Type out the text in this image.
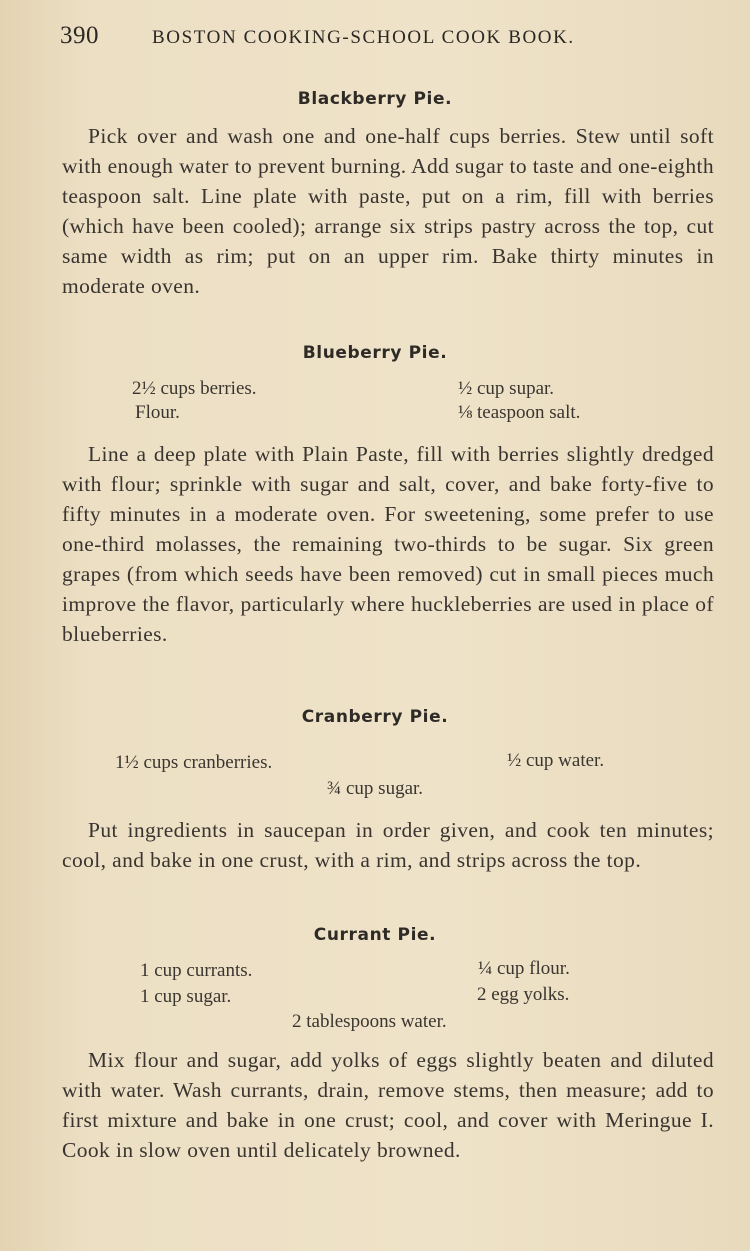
390	BOSTON COOKING-SCHOOL COOK BOOK.
Blackberry Pie.
Pick over and wash one and one-half cups berries. Stew until soft with enough water to prevent burning. Add sugar to taste and one-eighth teaspoon salt. Line plate with paste, put on a rim, fill with berries (which have been cooled); arrange six strips pastry across the top, cut same width as rim; put on an upper rim. Bake thirty minutes in moderate oven.
Blueberry Pie.
2½ cups berries.	½ cup supar.
Flour.	⅛ teaspoon salt.
Line a deep plate with Plain Paste, fill with berries slightly dredged with flour; sprinkle with sugar and salt, cover, and bake forty-five to fifty minutes in a moderate oven. For sweetening, some prefer to use one-third molasses, the remaining two-thirds to be sugar. Six green grapes (from which seeds have been removed) cut in small pieces much improve the flavor, particularly where huckleberries are used in place of blueberries.
Cranberry Pie.
1½ cups cranberries.	½ cup water.
¾ cup sugar.
Put ingredients in saucepan in order given, and cook ten minutes; cool, and bake in one crust, with a rim, and strips across the top.
Currant Pie.
1 cup currants.	¼ cup flour.
1 cup sugar.	2 egg yolks.
2 tablespoons water.
Mix flour and sugar, add yolks of eggs slightly beaten and diluted with water. Wash currants, drain, remove stems, then measure; add to first mixture and bake in one crust; cool, and cover with Meringue I. Cook in slow oven until delicately browned.
